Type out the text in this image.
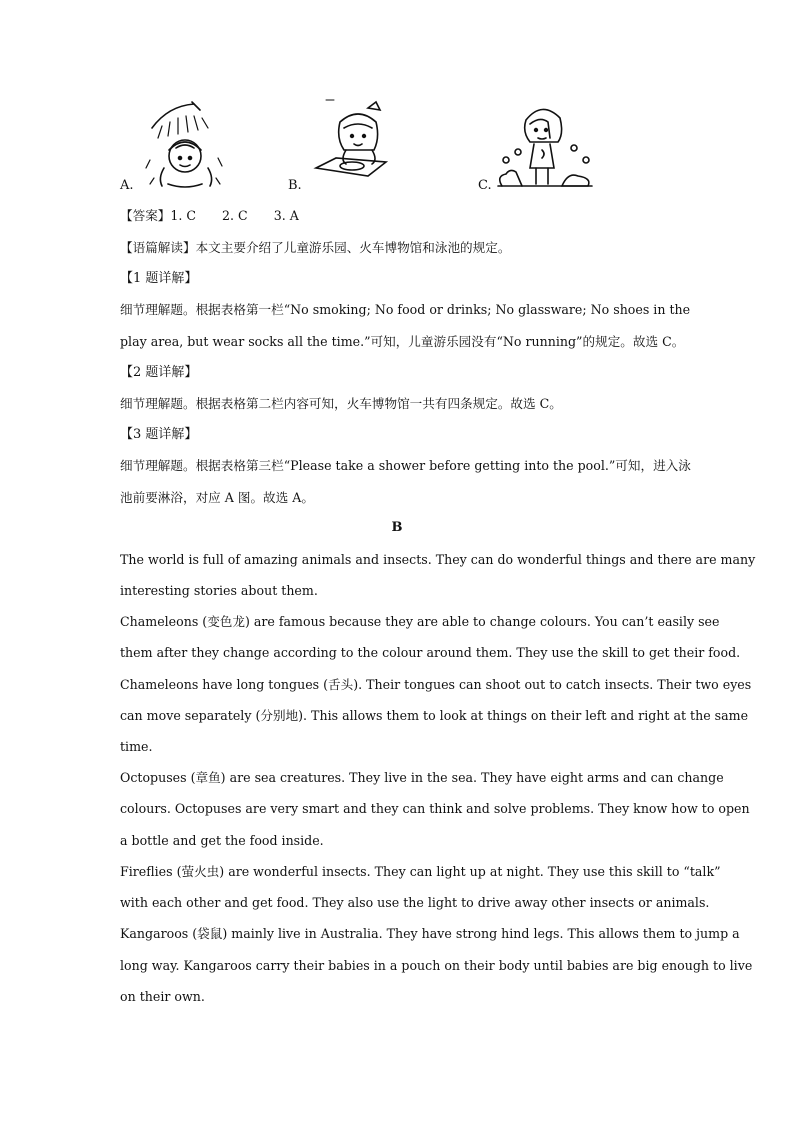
A.	B.	C.
【答案】1. C 2. C 3. A
【语篇解读】本文主要介绍了儿童游乐园、火车博物馆和泳池的规定。
【1 题详解】
细节理解题。根据表格第一栏“No smoking; No food or drinks; No glassware; No shoes in the
play area, but wear socks all the time.”可知，儿童游乐园没有“No running”的规定。故选 C。
【2 题详解】
细节理解题。根据表格第二栏内容可知，火车博物馆一共有四条规定。故选 C。
【3 题详解】
细节理解题。根据表格第三栏“Please take a shower before getting into the pool.”可知，进入泳
池前要淋浴，对应 A 图。故选 A。
B
The world is full of amazing animals and insects. They can do wonderful things and there are many
interesting stories about them.
Chameleons (变色龙) are famous because they are able to change colours. You can’t easily see
them after they change according to the colour around them. They use the skill to get their food.
Chameleons have long tongues (舌头). Their tongues can shoot out to catch insects. Their two eyes
can move separately (分别地). This allows them to look at things on their left and right at the same
time.
Octopuses (章鱼) are sea creatures. They live in the sea. They have eight arms and can change
colours. Octopuses are very smart and they can think and solve problems. They know how to open
a bottle and get the food inside.
Fireflies (萤火虫) are wonderful insects. They can light up at night. They use this skill to “talk”
with each other and get food. They also use the light to drive away other insects or animals.
Kangaroos (袋鼠) mainly live in Australia. They have strong hind legs. This allows them to jump a
long way. Kangaroos carry their babies in a pouch on their body until babies are big enough to live
on their own.
